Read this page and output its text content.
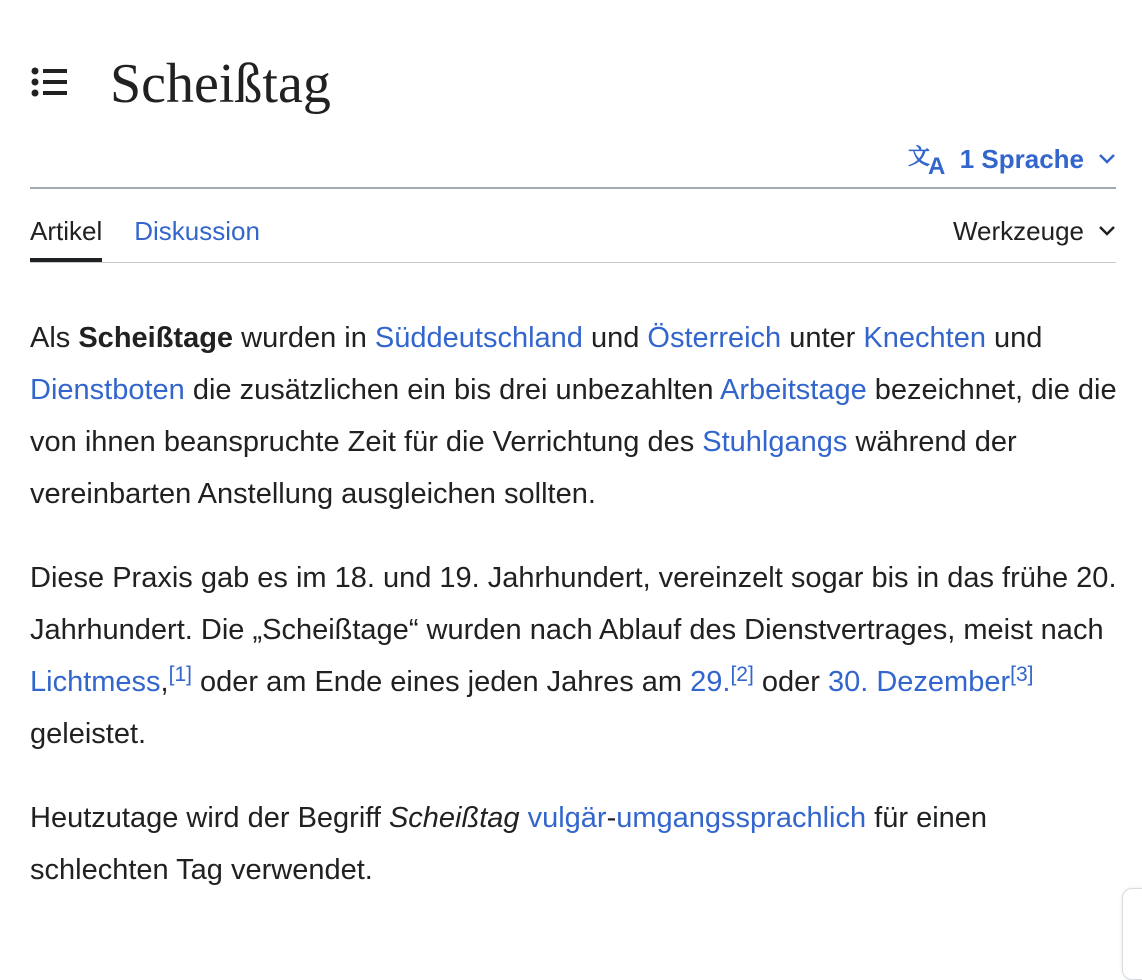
Scheißtag
文
A 1 Sprache
Artikel Diskussion	Werkzeuge

Als Scheißtage wurden in Süddeutschland und Österreich unter Knechten und Dienstboten die zusätzlichen ein bis drei unbezahlten Arbeitstage bezeichnet, die die von ihnen beanspruchte Zeit für die Verrichtung des Stuhlgangs während der vereinbarten Anstellung ausgleichen sollten.

Diese Praxis gab es im 18. und 19. Jahrhundert, vereinzelt sogar bis in das frühe 20. Jahrhundert. Die „Scheißtage“ wurden nach Ablauf des Dienstvertrages, meist nach Lichtmess,[1] oder am Ende eines jeden Jahres am 29.[2] oder 30. Dezember[3] geleistet.

Heutzutage wird der Begriff Scheißtag vulgär-umgangssprachlich für einen schlechten Tag verwendet.
